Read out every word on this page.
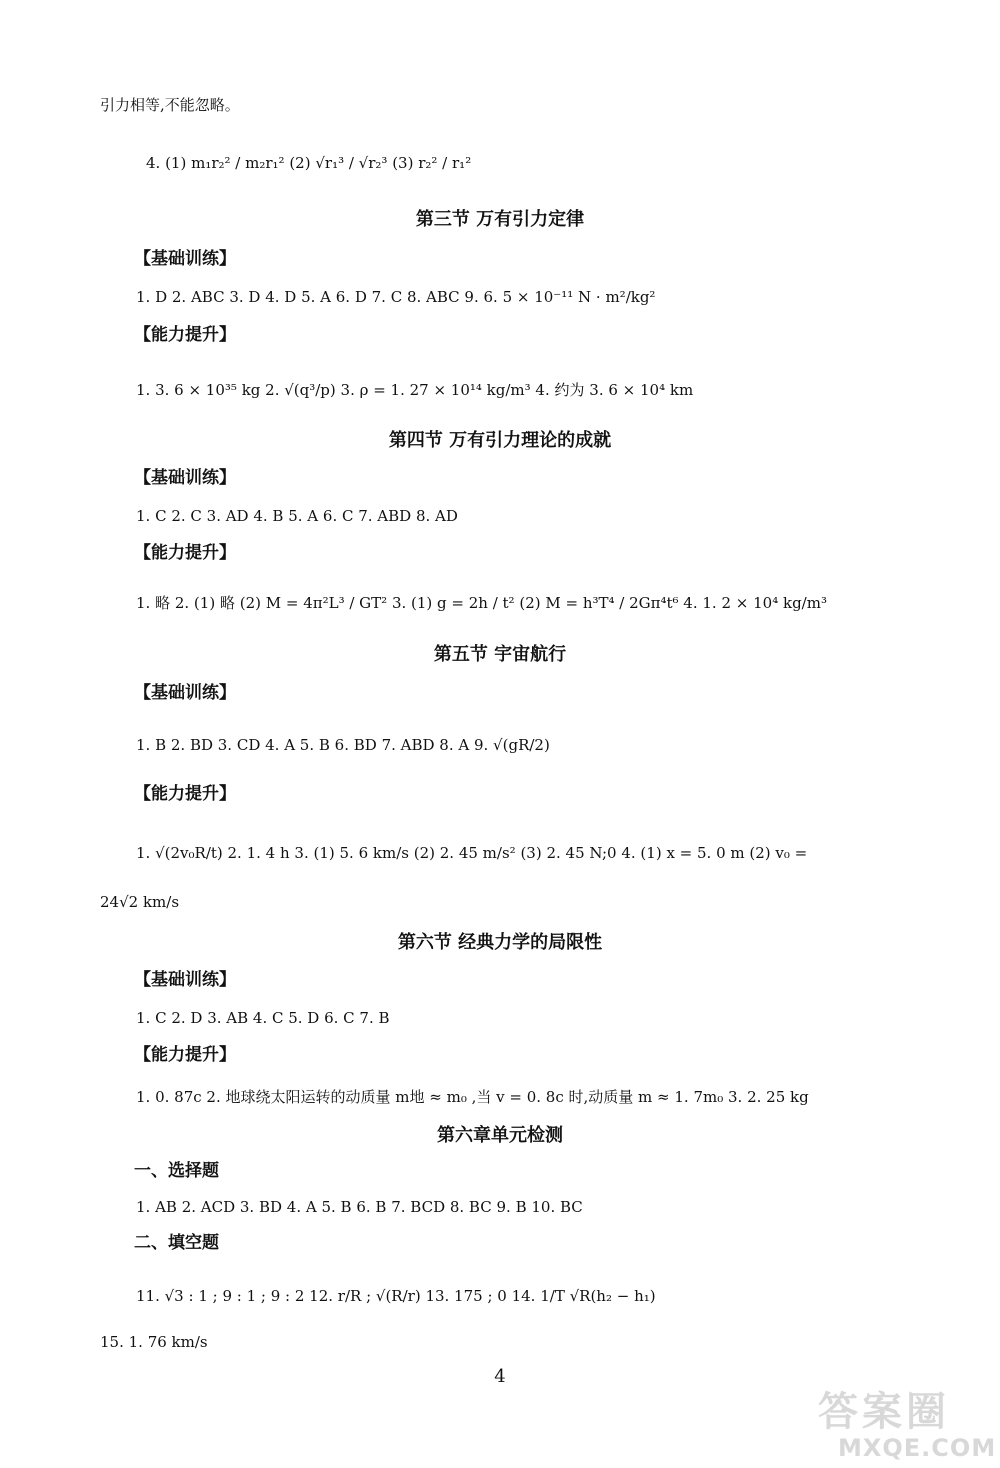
引力相等,不能忽略。
4. (1) m₁r₂² / m₂r₁² (2) √r₁³ / √r₂³ (3) r₂² / r₁²
第三节 万有引力定律
【基础训练】
1. D 2. ABC 3. D 4. D 5. A 6. D 7. C 8. ABC 9. 6. 5 × 10⁻¹¹ N · m²/kg²
【能力提升】
1. 3. 6 × 10³⁵ kg 2. √(q³/p) 3. ρ = 1. 27 × 10¹⁴ kg/m³ 4. 约为 3. 6 × 10⁴ km
第四节 万有引力理论的成就
【基础训练】
1. C 2. C 3. AD 4. B 5. A 6. C 7. ABD 8. AD
【能力提升】
1. 略 2. (1) 略 (2) M = 4π²L³ / GT² 3. (1) g = 2h / t² (2) M = h³T⁴ / 2Gπ⁴t⁶ 4. 1. 2 × 10⁴ kg/m³
第五节 宇宙航行
【基础训练】
1. B 2. BD 3. CD 4. A 5. B 6. BD 7. ABD 8. A 9. √(gR/2)
【能力提升】
1. √(2v₀R/t) 2. 1. 4 h 3. (1) 5. 6 km/s (2) 2. 45 m/s² (3) 2. 45 N;0 4. (1) x = 5. 0 m (2) v₀ =
24√2 km/s
第六节 经典力学的局限性
【基础训练】
1. C 2. D 3. AB 4. C 5. D 6. C 7. B
【能力提升】
1. 0. 87c 2. 地球绕太阳运转的动质量 m地 ≈ m₀ ,当 v = 0. 8c 时,动质量 m ≈ 1. 7m₀ 3. 2. 25 kg
第六章单元检测
一、选择题
1. AB 2. ACD 3. BD 4. A 5. B 6. B 7. BCD 8. BC 9. B 10. BC
二、填空题
11. √3 : 1 ; 9 : 1 ; 9 : 2 12. r/R ; √(R/r) 13. 175 ; 0 14. 1/T √R(h₂ − h₁)
15. 1. 76 km/s
4
答案圈
MXQE.COM
